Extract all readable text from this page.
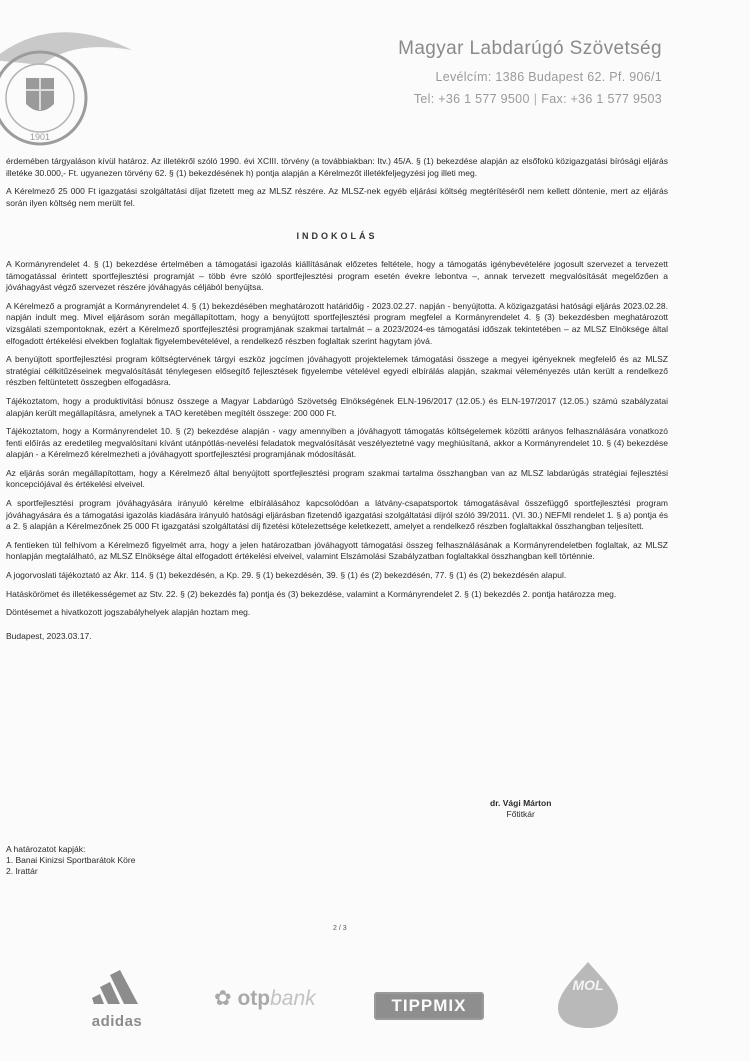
1901
Magyar Labdarúgó Szövetség
Levélcím: 1386 Budapest 62. Pf. 906/1
Tel: +36 1 577 9500 | Fax: +36 1 577 9503

érdemében tárgyaláson kívül határoz. Az illetékről szóló 1990. évi XCIII. törvény (a továbbiakban: Itv.) 45/A. § (1) bekezdése alapján az elsőfokú közigazgatási bírósági eljárás illetéke 30.000,- Ft. ugyanezen törvény 62. § (1) bekezdésének h) pontja alapján a Kérelmezőt illetékfeljegyzési jog illeti meg.

A Kérelmező 25 000 Ft igazgatási szolgáltatási díjat fizetett meg az MLSZ részére. Az MLSZ-nek egyéb eljárási költség megtérítéséről nem kellett döntenie, mert az eljárás során ilyen költség nem merült fel.

INDOKOLÁS

A Kormányrendelet 4. § (1) bekezdése értelmében a támogatási igazolás kiállításának előzetes feltétele, hogy a támogatás igénybevételére jogosult szervezet a tervezett támogatással érintett sportfejlesztési programját – több évre szóló sportfejlesztési program esetén évekre lebontva –, annak tervezett megvalósítását megelőzően a jóváhagyást végző szervezet részére jóváhagyás céljából benyújtsa.

A Kérelmező a programját a Kormányrendelet 4. § (1) bekezdésében meghatározott határidőig - 2023.02.27. napján - benyújtotta. A közigazgatási hatósági eljárás 2023.02.28. napján indult meg. Mivel eljárásom során megállapítottam, hogy a benyújtott sportfejlesztési program megfelel a Kormányrendelet 4. § (3) bekezdésben meghatározott vizsgálati szempontoknak, ezért a Kérelmező sportfejlesztési programjának szakmai tartalmát – a 2023/2024-es támogatási időszak tekintetében – az MLSZ Elnöksége által elfogadott értékelési elvekben foglaltak figyelembevételével, a rendelkező részben foglaltak szerint hagytam jóvá.

A benyújtott sportfejlesztési program költségtervének tárgyi eszköz jogcímen jóváhagyott projektelemek támogatási összege a megyei igényeknek megfelelő és az MLSZ stratégiai célkitűzéseinek megvalósítását ténylegesen elősegítő fejlesztések figyelembe vételével egyedi elbírálás alapján, szakmai véleményezés után került a rendelkező részben feltüntetett összegben elfogadásra.

Tájékoztatom, hogy a produktivitási bónusz összege a Magyar Labdarúgó Szövetség Elnökségének ELN-196/2017 (12.05.) és ELN-197/2017 (12.05.) számú szabályzatai alapján került megállapításra, amelynek a TAO keretében megítélt összege: 200 000 Ft.

Tájékoztatom, hogy a Kormányrendelet 10. § (2) bekezdése alapján - vagy amennyiben a jóváhagyott támogatás költségelemek közötti arányos felhasználására vonatkozó fenti előírás az eredetileg megvalósítani kívánt utánpótlás-nevelési feladatok megvalósítását veszélyeztetné vagy meghiúsítaná, akkor a Kormányrendelet 10. § (4) bekezdése alapján - a Kérelmező kérelmezheti a jóváhagyott sportfejlesztési programjának módosítását.

Az eljárás során megállapítottam, hogy a Kérelmező által benyújtott sportfejlesztési program szakmai tartalma összhangban van az MLSZ labdarúgás stratégiai fejlesztési koncepciójával és értékelési elveivel.

A sportfejlesztési program jóváhagyására irányuló kérelme elbírálásához kapcsolódóan a látvány-csapatsportok támogatásával összefüggő sportfejlesztési program jóváhagyására és a támogatási igazolás kiadására irányuló hatósági eljárásban fizetendő igazgatási szolgáltatási díjról szóló 39/2011. (VI. 30.) NEFMI rendelet 1. § a) pontja és a 2. § alapján a Kérelmezőnek 25 000 Ft igazgatási szolgáltatási díj fizetési kötelezettsége keletkezett, amelyet a rendelkező részben foglaltakkal összhangban teljesített.

A fentieken túl felhívom a Kérelmező figyelmét arra, hogy a jelen határozatban jóváhagyott támogatási összeg felhasználásának a Kormányrendeletben foglaltak, az MLSZ honlapján megtalálható, az MLSZ Elnöksége által elfogadott értékelési elveivel, valamint Elszámolási Szabályzatban foglaltakkal összhangban kell történnie.

A jogorvoslati tájékoztató az Ákr. 114. § (1) bekezdésén, a Kp. 29. § (1) bekezdésén, 39. § (1) és (2) bekezdésén, 77. § (1) és (2) bekezdésén alapul.

Hatáskörömet és illetékességemet az Stv. 22. § (2) bekezdés fa) pontja és (3) bekezdése, valamint a Kormányrendelet 2. § (1) bekezdés 2. pontja határozza meg.

Döntésemet a hivatkozott jogszabályhelyek alapján hoztam meg.

Budapest, 2023.03.17.

dr. Vági Márton
Főtitkár
A határozatot kapják:
1. Banai Kinizsi Sportbarátok Köre
2. Irattár
2 / 3
adidas
✿ otpbank	TIPPMIX
MOL
